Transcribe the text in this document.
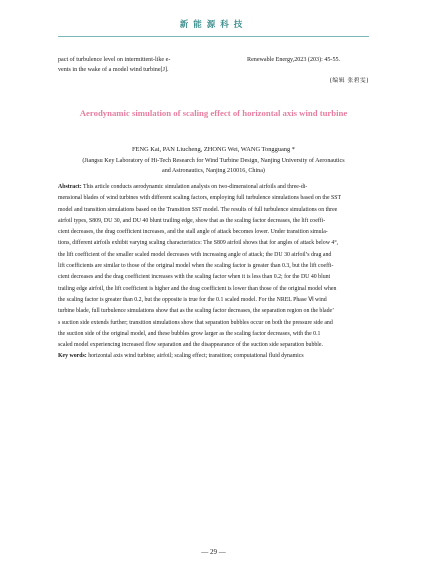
新能源科技
pact of turbulence level on intermittent-like e-
vents in the wake of a model wind turbine[J].
Renewable Energy,2023 (203): 45-55.
(编辑 张碧雯)
Aerodynamic simulation of scaling effect of horizontal axis wind turbine
FENG Kai, PAN Liucheng, ZHONG Wei, WANG Tongguang *
(Jiangsu Key Laboratory of Hi-Tech Research for Wind Turbine Design, Nanjing University of Aeronautics
and Astronautics, Nanjing 210016, China)
Abstract: This article conducts aerodynamic simulation analysis on two-dimensional airfoils and three-di-
mensional blades of wind turbines with different scaling factors, employing full turbulence simulations based on the SST
model and transition simulations based on the Transition SST model. The results of full turbulence simulations on three
airfoil types, S809, DU 30, and DU 40 blunt trailing edge, show that as the scaling factor decreases, the lift coeffi-
cient decreases, the drag coefficient increases, and the stall angle of attack becomes lower. Under transition simula-
tions, different airfoils exhibit varying scaling characteristics: The S809 airfoil shows that for angles of attack below 4°,
the lift coefficient of the smaller scaled model decreases with increasing angle of attack; the DU 30 airfoil’s drag and
lift coefficients are similar to those of the original model when the scaling factor is greater than 0.3, but the lift coeffi-
cient decreases and the drag coefficient increases with the scaling factor when it is less than 0.2; for the DU 40 blunt
trailing edge airfoil, the lift coefficient is higher and the drag coefficient is lower than those of the original model when
the scaling factor is greater than 0.2, but the opposite is true for the 0.1 scaled model. For the NREL Phase Ⅵ wind
turbine blade, full turbulence simulations show that as the scaling factor decreases, the separation region on the blade’
s suction side extends further; transition simulations show that separation bubbles occur on both the pressure side and
the suction side of the original model, and these bubbles grow larger as the scaling factor decreases, with the 0.1
scaled model experiencing increased flow separation and the disappearance of the suction side separation bubble.
Key words: horizontal axis wind turbine; airfoil; scaling effect; transition; computational fluid dynamics
— 29 —
